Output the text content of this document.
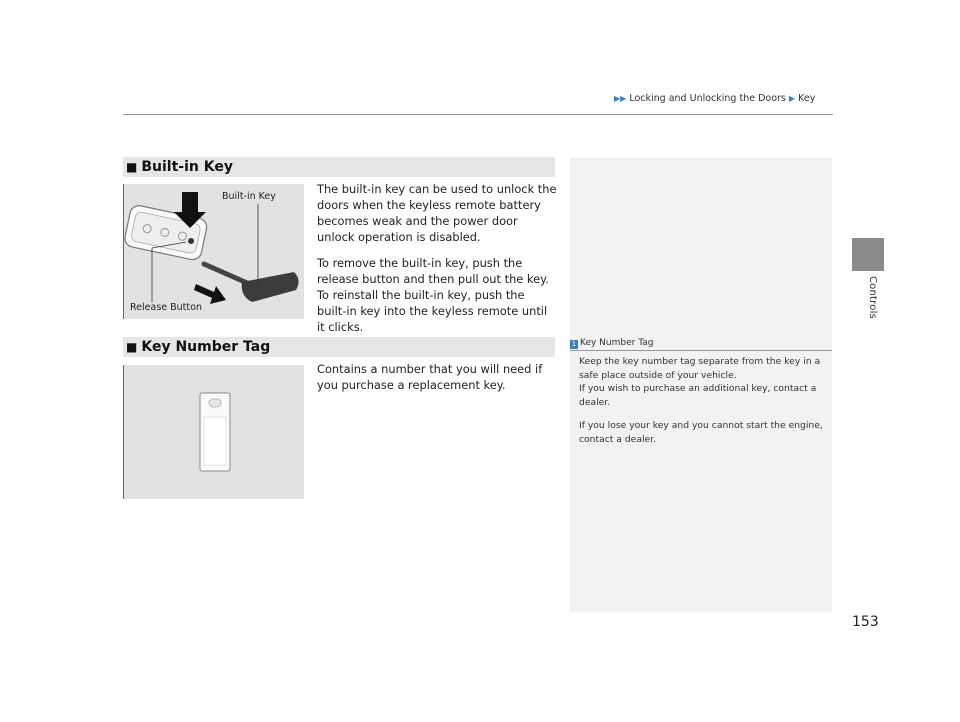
▶▶ Locking and Unlocking the Doors ▶ Key
Controls
■ Built-in Key
Built-in Key
Release Button

The built-in key can be used to unlock the doors when the keyless remote battery becomes weak and the power door unlock operation is disabled.

To remove the built-in key, push the release button and then pull out the key. To reinstall the built-in key, push the built-in key into the keyless remote until it clicks.

■ Key Number Tag

Contains a number that you will need if you purchase a replacement key.

1 Key Number Tag

Keep the key number tag separate from the key in a safe place outside of your vehicle.
If you wish to purchase an additional key, contact a dealer.

If you lose your key and you cannot start the engine, contact a dealer.

153
